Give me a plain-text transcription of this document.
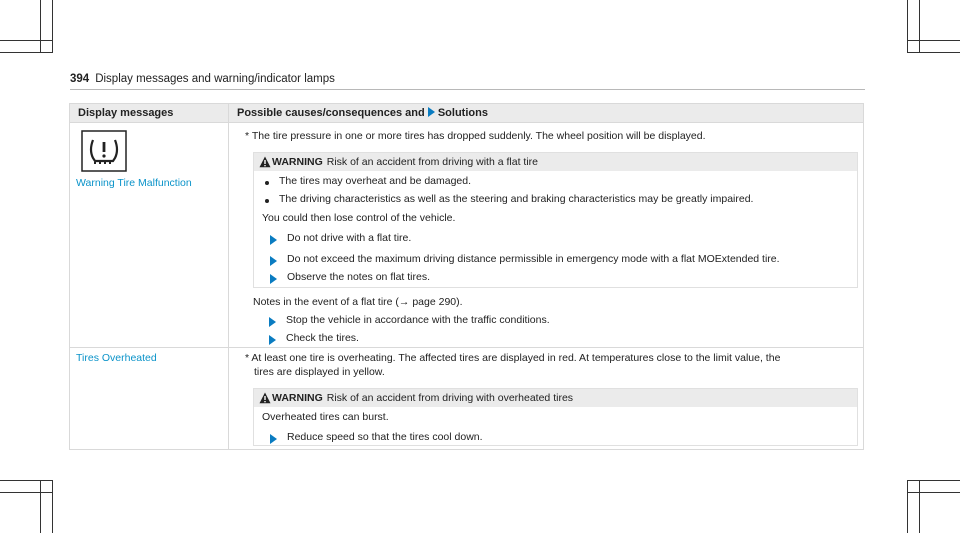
394 Display messages and warning/indicator lamps
Display messages	Possible causes/consequences and Solutions
Warning Tire Malfunction
* The tire pressure in one or more tires has dropped suddenly. The wheel position will be displayed.
WARNING Risk of an accident from driving with a flat tire
The tires may overheat and be damaged.
The driving characteristics as well as the steering and braking characteristics may be greatly impaired.
You could then lose control of the vehicle.
Do not drive with a flat tire.
Do not exceed the maximum driving distance permissible in emergency mode with a flat MOExtended tire.
Observe the notes on flat tires.
Notes in the event of a flat tire (→ page 290).
Stop the vehicle in accordance with the traffic conditions.
Check the tires.
Tires Overheated	* At least one tire is overheating. The affected tires are displayed in red. At temperatures close to the limit value, the
tires are displayed in yellow.
WARNING Risk of an accident from driving with overheated tires
Overheated tires can burst.
Reduce speed so that the tires cool down.
